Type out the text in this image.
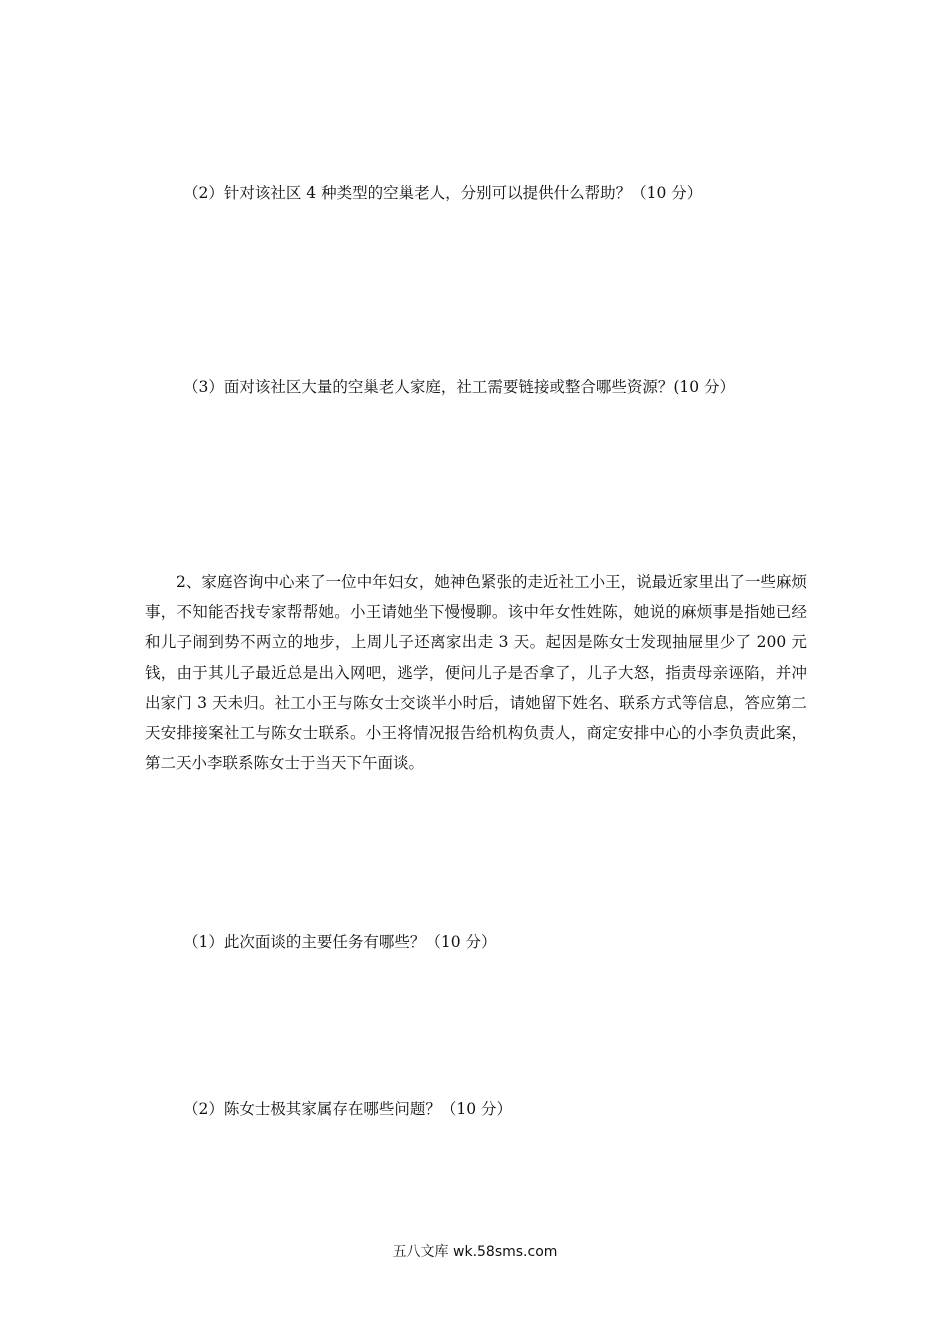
（2）针对该社区 4 种类型的空巢老人，分别可以提供什么帮助？（10 分）
（3）面对该社区大量的空巢老人家庭，社工需要链接或整合哪些资源？(10 分）

2、家庭咨询中心来了一位中年妇女，她神色紧张的走近社工小王，说最近家里出了一些麻烦事，不知能否找专家帮帮她。小王请她坐下慢慢聊。该中年女性姓陈，她说的麻烦事是指她已经和儿子闹到势不两立的地步，上周儿子还离家出走 3 天。起因是陈女士发现抽屉里少了 200 元钱，由于其儿子最近总是出入网吧，逃学，便问儿子是否拿了，儿子大怒，指责母亲诬陷，并冲出家门 3 天未归。社工小王与陈女士交谈半小时后，请她留下姓名、联系方式等信息，答应第二天安排接案社工与陈女士联系。小王将情况报告给机构负责人，商定安排中心的小李负责此案，第二天小李联系陈女士于当天下午面谈。

（1）此次面谈的主要任务有哪些？（10 分）
（2）陈女士极其家属存在哪些问题？（10 分）
五八文库 wk.58sms.com
